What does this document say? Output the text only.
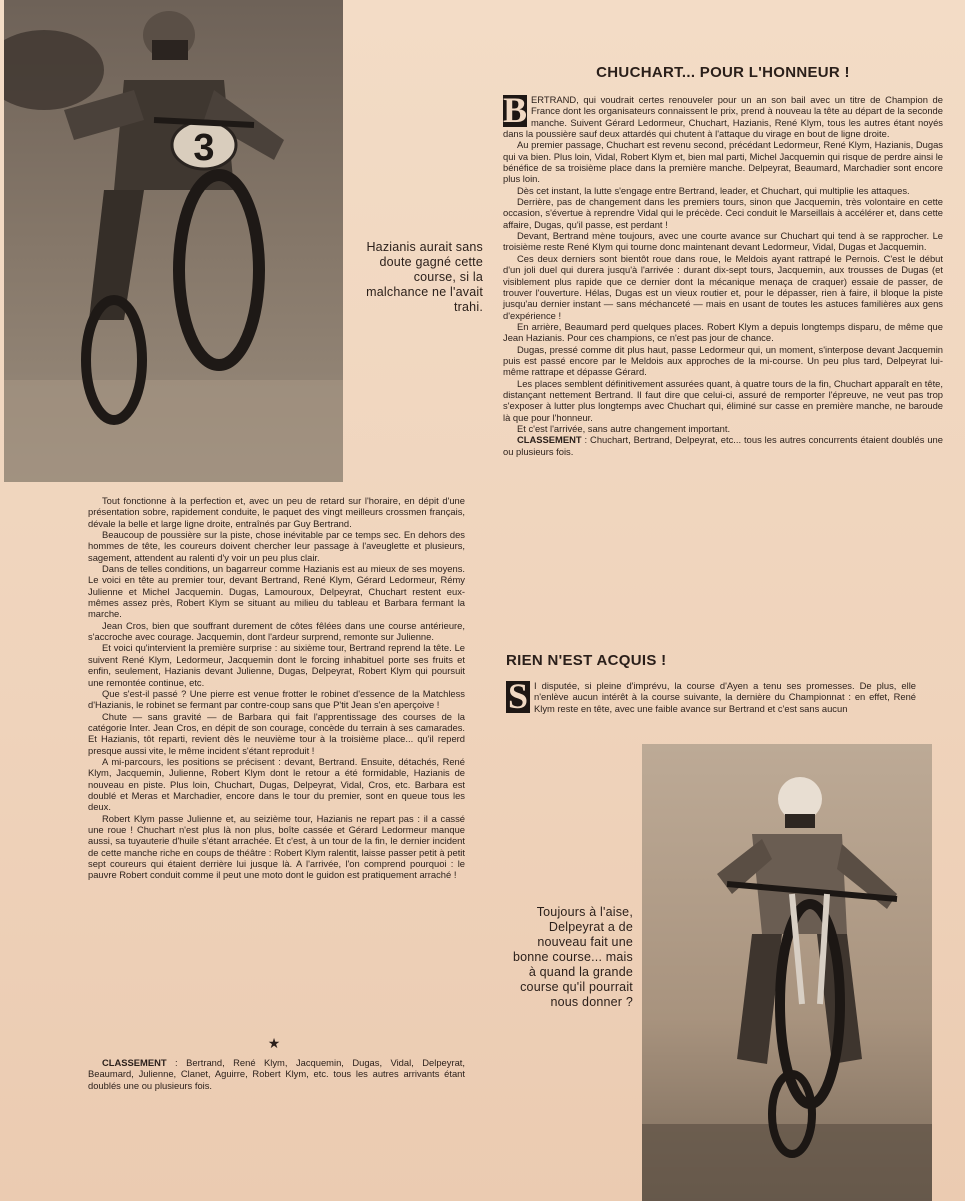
3
Hazianis aurait sans doute gagné cette course, si la malchance ne l'avait trahi.
CHUCHART... POUR L'HONNEUR !

B ERTRAND, qui voudrait certes renouveler pour un an son bail avec un titre de Champion de France dont les organisateurs connaissent le prix, prend à nouveau la tête au départ de la seconde manche. Suivent Gérard Ledormeur, Chuchart, Hazianis, René Klym, tous les autres étant noyés dans la poussière sauf deux attardés qui chutent à l'attaque du virage en bout de ligne droite.

Au premier passage, Chuchart est revenu second, précédant Ledormeur, René Klym, Hazianis, Dugas qui va bien. Plus loin, Vidal, Robert Klym et, bien mal parti, Michel Jacquemin qui risque de perdre ainsi le bénéfice de sa troisième place dans la première manche. Delpeyrat, Beaumard, Marchadier sont encore plus loin.

Dès cet instant, la lutte s'engage entre Bertrand, leader, et Chuchart, qui multiplie les attaques.

Derrière, pas de changement dans les premiers tours, sinon que Jacquemin, très volontaire en cette occasion, s'évertue à reprendre Vidal qui le précède. Ceci conduit le Marseillais à accélérer et, dans cette affaire, Dugas, qu'il passe, est perdant !

Devant, Bertrand mène toujours, avec une courte avance sur Chuchart qui tend à se rapprocher. Le troisième reste René Klym qui tourne donc maintenant devant Ledormeur, Vidal, Dugas et Jacquemin.

Ces deux derniers sont bientôt roue dans roue, le Meldois ayant rattrapé le Pernois. C'est le début d'un joli duel qui durera jusqu'à l'arrivée : durant dix-sept tours, Jacquemin, aux trousses de Dugas (et visiblement plus rapide que ce dernier dont la mécanique menaça de craquer) essaie de passer, de trouver l'ouverture. Hélas, Dugas est un vieux routier et, pour le dépasser, rien à faire, il bloque la piste jusqu'au dernier instant — sans méchanceté — mais en usant de toutes les astuces familières aux gens d'expérience !

En arrière, Beaumard perd quelques places. Robert Klym a depuis longtemps disparu, de même que Jean Hazianis. Pour ces champions, ce n'est pas jour de chance.

Dugas, pressé comme dit plus haut, passe Ledormeur qui, un moment, s'interpose devant Jacquemin puis est passé encore par le Meldois aux approches de la mi-course. Un peu plus tard, Delpeyrat lui-même rattrape et dépasse Gérard.

Les places semblent définitivement assurées quant, à quatre tours de la fin, Chuchart apparaît en tête, distançant nettement Bertrand. Il faut dire que celui-ci, assuré de remporter l'épreuve, ne veut pas trop s'exposer à lutter plus longtemps avec Chuchart qui, éliminé sur casse en première manche, ne baroude là que pour l'honneur.

Et c'est l'arrivée, sans autre changement important.

CLASSEMENT : Chuchart, Bertrand, Delpeyrat, etc... tous les autres concurrents étaient doublés une ou plusieurs fois.

RIEN N'EST ACQUIS !

S I disputée, si pleine d'imprévu, la course d'Ayen a tenu ses promesses. De plus, elle n'enlève aucun intérêt à la course suivante, la dernière du Championnat : en effet, René Klym reste en tête, avec une faible avance sur Bertrand et c'est sans aucun

Tout fonctionne à la perfection et, avec un peu de retard sur l'horaire, en dépit d'une présentation sobre, rapidement conduite, le paquet des vingt meilleurs crossmen français, dévale la belle et large ligne droite, entraînés par Guy Bertrand.

Beaucoup de poussière sur la piste, chose inévitable par ce temps sec. En dehors des hommes de tête, les coureurs doivent chercher leur passage à l'aveuglette et plusieurs, sagement, attendent au ralenti d'y voir un peu plus clair.

Dans de telles conditions, un bagarreur comme Hazianis est au mieux de ses moyens. Le voici en tête au premier tour, devant Bertrand, René Klym, Gérard Ledormeur, Rémy Julienne et Michel Jacquemin. Dugas, Lamouroux, Delpeyrat, Chuchart restent eux-mêmes assez près, Robert Klym se situant au milieu du tableau et Barbara fermant la marche.

Jean Cros, bien que souffrant durement de côtes fêlées dans une course antérieure, s'accroche avec courage. Jacquemin, dont l'ardeur surprend, remonte sur Julienne.

Et voici qu'intervient la première surprise : au sixième tour, Bertrand reprend la tête. Le suivent René Klym, Ledormeur, Jacquemin dont le forcing inhabituel porte ses fruits et enfin, seulement, Hazianis devant Julienne, Dugas, Delpeyrat, Robert Klym qui poursuit une remontée continue, etc.

Que s'est-il passé ? Une pierre est venue frotter le robinet d'essence de la Matchless d'Hazianis, le robinet se fermant par contre-coup sans que P'tit Jean s'en aperçoive !

Chute — sans gravité — de Barbara qui fait l'apprentissage des courses de la catégorie Inter. Jean Cros, en dépit de son courage, concède du terrain à ses camarades. Et Hazianis, tôt reparti, revient dès le neuvième tour à la troisième place... qu'il reperd presque aussi vite, le même incident s'étant reproduit !

A mi-parcours, les positions se précisent : devant, Bertrand. Ensuite, détachés, René Klym, Jacquemin, Julienne, Robert Klym dont le retour a été formidable, Hazianis de nouveau en piste. Plus loin, Chuchart, Dugas, Delpeyrat, Vidal, Cros, etc. Barbara est doublé et Meras et Marchadier, encore dans le tour du premier, sont en queue tous les deux.

Robert Klym passe Julienne et, au seizième tour, Hazianis ne repart pas : il a cassé une roue ! Chuchart n'est plus là non plus, boîte cassée et Gérard Ledormeur manque aussi, sa tuyauterie d'huile s'étant arrachée. Et c'est, à un tour de la fin, le dernier incident de cette manche riche en coups de théâtre : Robert Klym ralentit, laisse passer petit à petit sept coureurs qui étaient derrière lui jusque là. A l'arrivée, l'on comprend pourquoi : le pauvre Robert conduit comme il peut une moto dont le guidon est pratiquement arraché !

★

CLASSEMENT : Bertrand, René Klym, Jacquemin, Dugas, Vidal, Delpeyrat, Beaumard, Julienne, Clanet, Aguirre, Robert Klym, etc. tous les autres arrivants étant doublés une ou plusieurs fois.

Toujours à l'aise, Delpeyrat a de nouveau fait une bonne course... mais à quand la grande course qu'il pourrait nous donner ?
